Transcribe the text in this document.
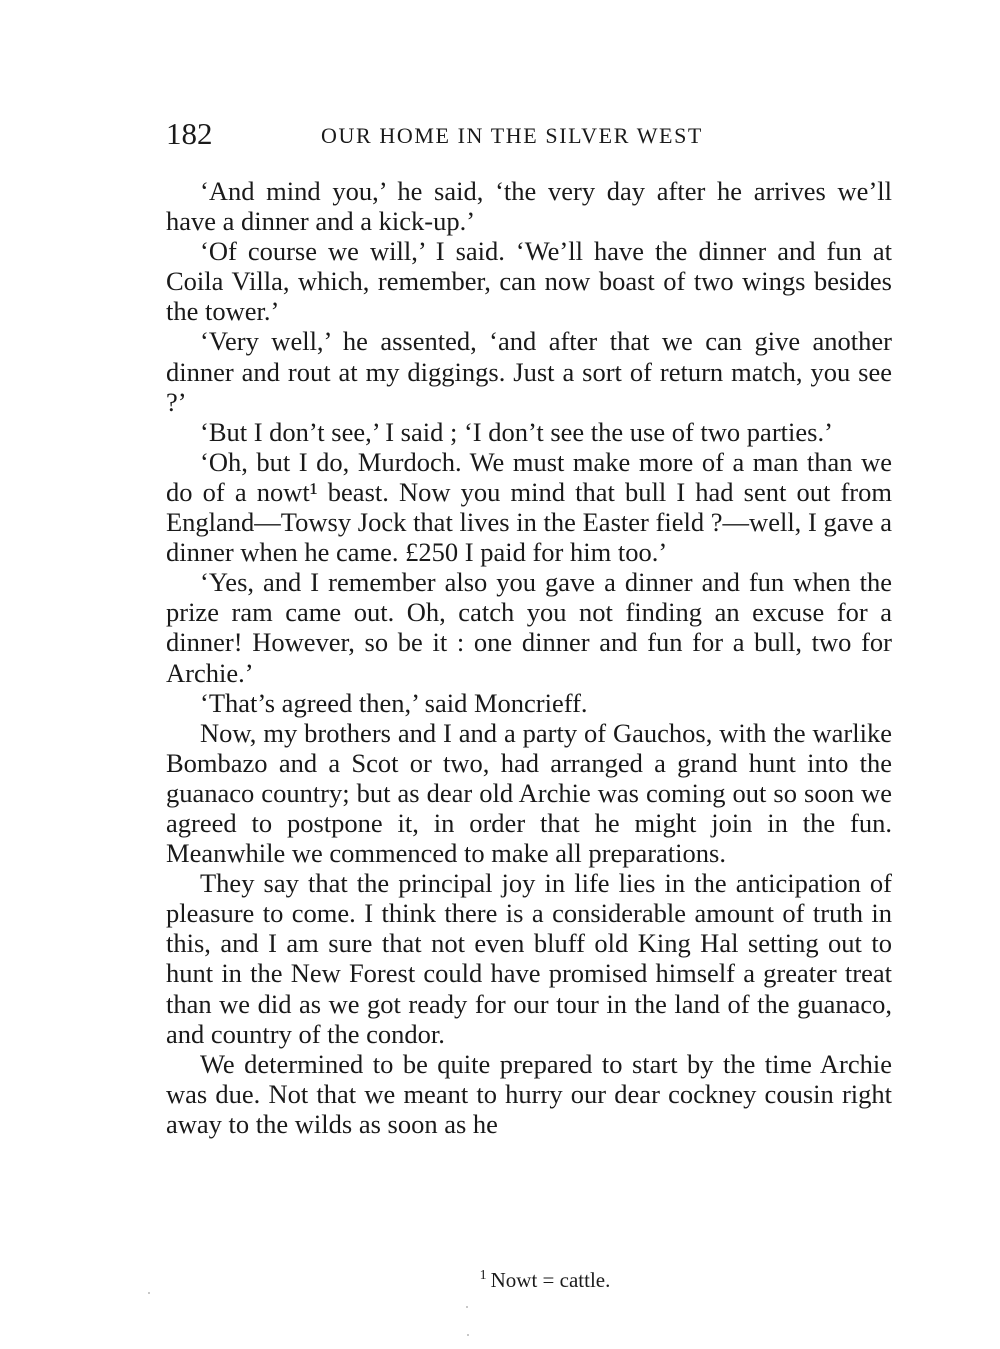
182	OUR HOME IN THE SILVER WEST

‘And mind you,’ he said, ‘the very day after he arrives we’ll have a dinner and a kick-up.’

‘Of course we will,’ I said. ‘We’ll have the dinner and fun at Coila Villa, which, remember, can now boast of two wings besides the tower.’

‘Very well,’ he assented, ‘and after that we can give another dinner and rout at my diggings. Just a sort of return match, you see ?’

‘But I don’t see,’ I said ; ‘I don’t see the use of two parties.’

‘Oh, but I do, Murdoch. We must make more of a man than we do of a nowt¹ beast. Now you mind that bull I had sent out from England—Towsy Jock that lives in the Easter field ?—well, I gave a dinner when he came. £250 I paid for him too.’

‘Yes, and I remember also you gave a dinner and fun when the prize ram came out. Oh, catch you not finding an excuse for a dinner! However, so be it : one dinner and fun for a bull, two for Archie.’

‘That’s agreed then,’ said Moncrieff.

Now, my brothers and I and a party of Gauchos, with the warlike Bombazo and a Scot or two, had arranged a grand hunt into the guanaco country; but as dear old Archie was coming out so soon we agreed to postpone it, in order that he might join in the fun. Meanwhile we commenced to make all preparations.

They say that the principal joy in life lies in the anticipation of pleasure to come. I think there is a considerable amount of truth in this, and I am sure that not even bluff old King Hal setting out to hunt in the New Forest could have promised himself a greater treat than we did as we got ready for our tour in the land of the guanaco, and country of the condor.

We determined to be quite prepared to start by the time Archie was due. Not that we meant to hurry our dear cockney cousin right away to the wilds as soon as he

$^1$ Nowt = cattle.
